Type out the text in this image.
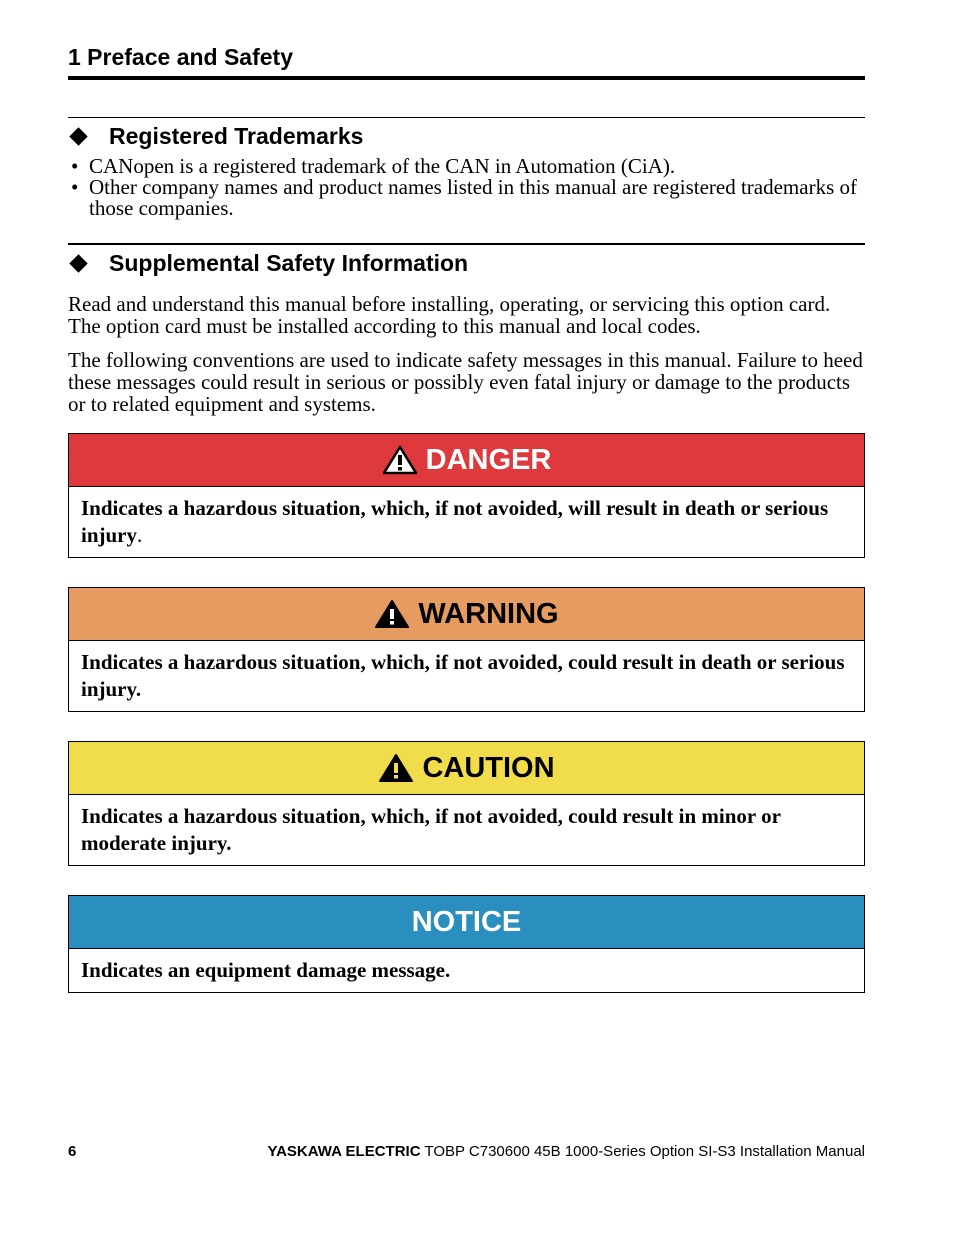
1 Preface and Safety
Registered Trademarks
• CANopen is a registered trademark of the CAN in Automation (CiA).
• Other company names and product names listed in this manual are registered trademarks of those companies.
Supplemental Safety Information

Read and understand this manual before installing, operating, or servicing this option card. The option card must be installed according to this manual and local codes.

The following conventions are used to indicate safety messages in this manual. Failure to heed these messages could result in serious or possibly even fatal injury or damage to the products or to related equipment and systems.

DANGER
Indicates a hazardous situation, which, if not avoided, will result in death or serious injury.
WARNING
Indicates a hazardous situation, which, if not avoided, could result in death or serious injury.
CAUTION
Indicates a hazardous situation, which, if not avoided, could result in minor or moderate injury.
NOTICE
Indicates an equipment damage message.
6	YASKAWA ELECTRIC TOBP C730600 45B 1000-Series Option SI-S3 Installation Manual
